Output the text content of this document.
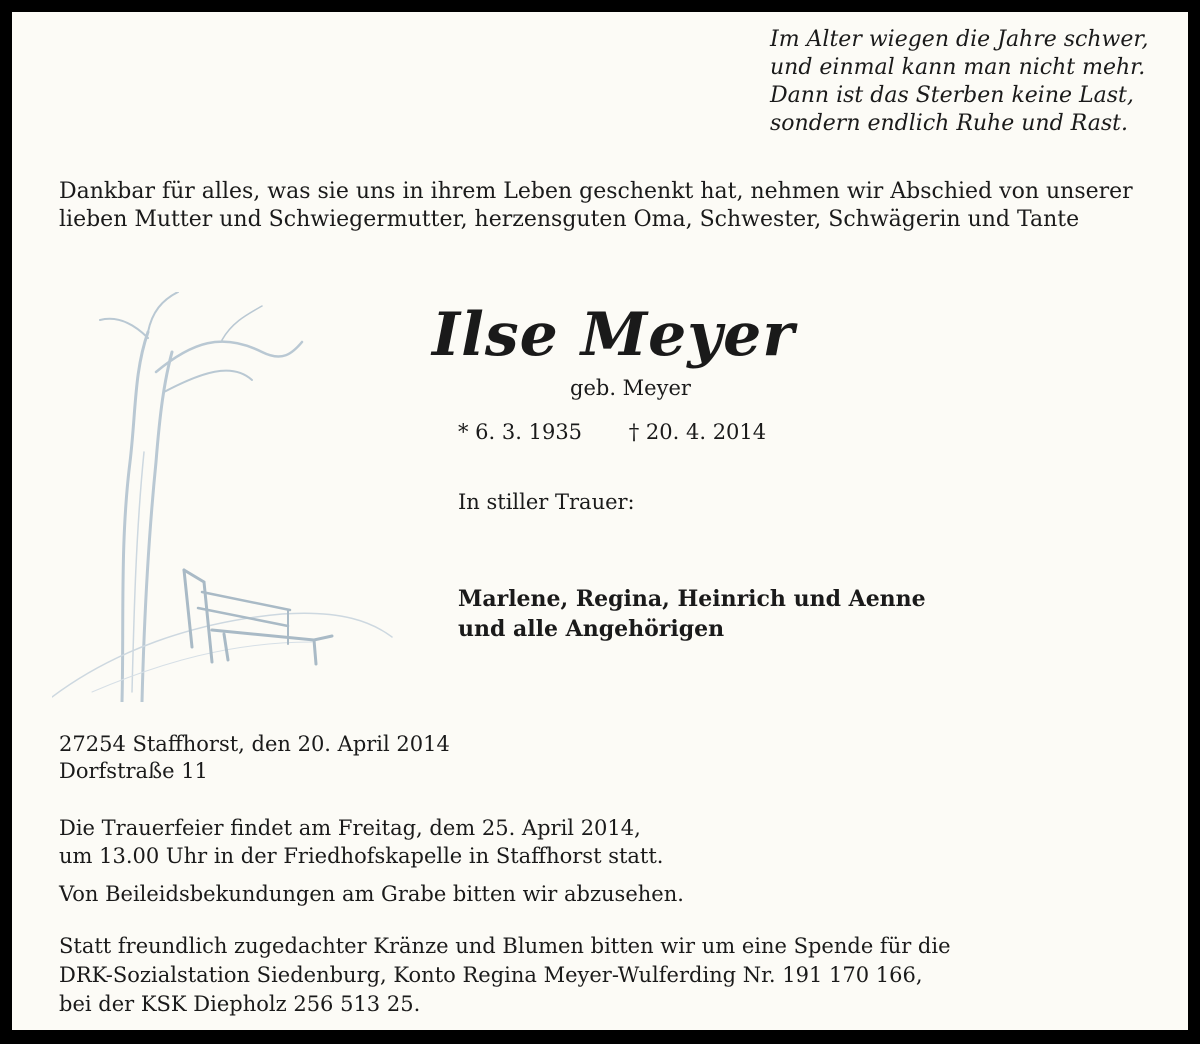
Im Alter wiegen die Jahre schwer,
und einmal kann man nicht mehr.
Dann ist das Sterben keine Last,
sondern endlich Ruhe und Rast.
Dankbar für alles, was sie uns in ihrem Leben geschenkt hat, nehmen wir Abschied von unserer
lieben Mutter und Schwiegermutter, herzensguten Oma, Schwester, Schwägerin und Tante
Ilse Meyer
geb. Meyer
* 6. 3. 1935 † 20. 4. 2014
In stiller Trauer:
Marlene, Regina, Heinrich und Aenne
und alle Angehörigen
27254 Staffhorst, den 20. April 2014
Dorfstraße 11
Die Trauerfeier findet am Freitag, dem 25. April 2014,
um 13.00 Uhr in der Friedhofskapelle in Staffhorst statt.
Von Beileidsbekundungen am Grabe bitten wir abzusehen.
Statt freundlich zugedachter Kränze und Blumen bitten wir um eine Spende für die
DRK-Sozialstation Siedenburg, Konto Regina Meyer-Wulferding Nr. 191 170 166,
bei der KSK Diepholz 256 513 25.
